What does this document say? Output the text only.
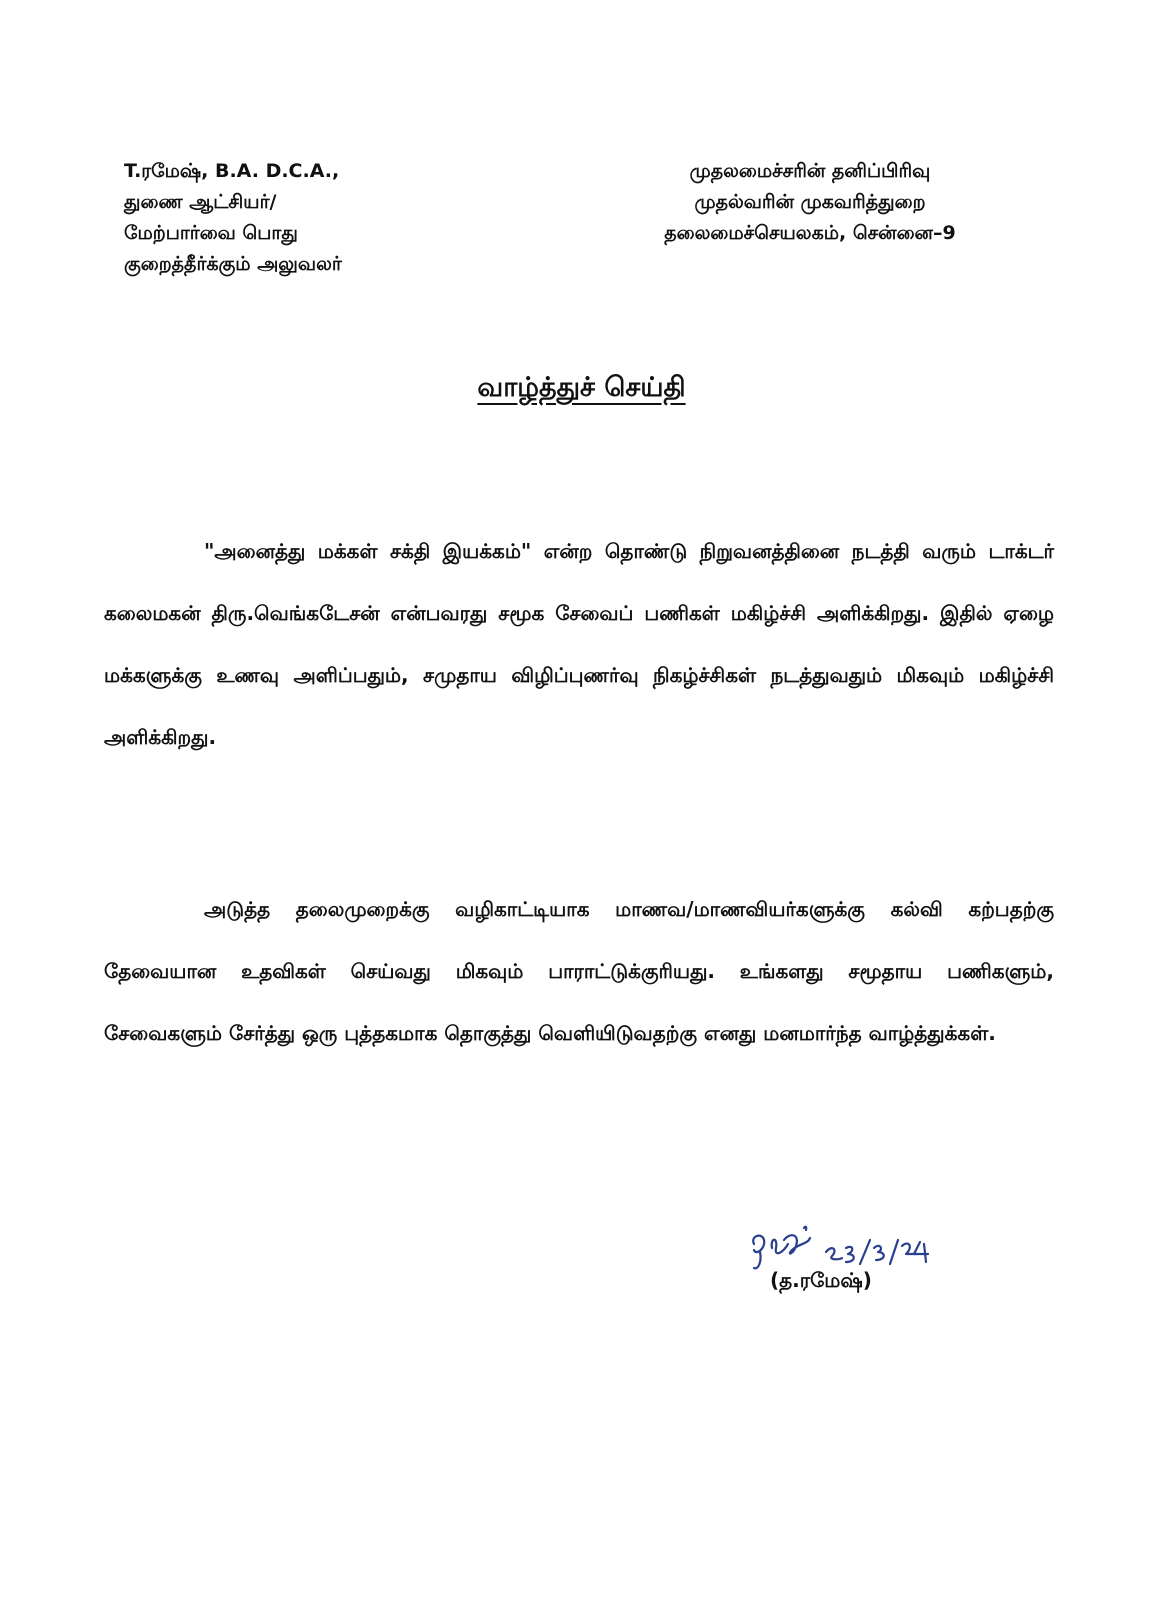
T.ரமேஷ், B.A. D.C.A.,
துணை ஆட்சியர்/
மேற்பார்வை பொது
குறைத்தீர்க்கும் அலுவலர்
முதலமைச்சரின் தனிப்பிரிவு
முதல்வரின் முகவரித்துறை
தலைமைச்செயலகம், சென்னை–9
வாழ்த்துச் செய்தி

"அனைத்து மக்கள் சக்தி இயக்கம்" என்ற தொண்டு நிறுவனத்தினை நடத்தி வரும் டாக்டர் கலைமகன் திரு.வெங்கடேசன் என்பவரது சமூக சேவைப் பணிகள் மகிழ்ச்சி அளிக்கிறது. இதில் ஏழை மக்களுக்கு உணவு அளிப்பதும், சமுதாய விழிப்புணர்வு நிகழ்ச்சிகள் நடத்துவதும் மிகவும் மகிழ்ச்சி அளிக்கிறது.

அடுத்த தலைமுறைக்கு வழிகாட்டியாக மாணவ/மாணவியர்களுக்கு கல்வி கற்பதற்கு தேவையான உதவிகள் செய்வது மிகவும் பாராட்டுக்குரியது. உங்களது சமூதாய பணிகளும், சேவைகளும் சேர்த்து ஒரு புத்தகமாக தொகுத்து வெளியிடுவதற்கு எனது மனமார்ந்த வாழ்த்துக்கள்.

(த.ரமேஷ்)
